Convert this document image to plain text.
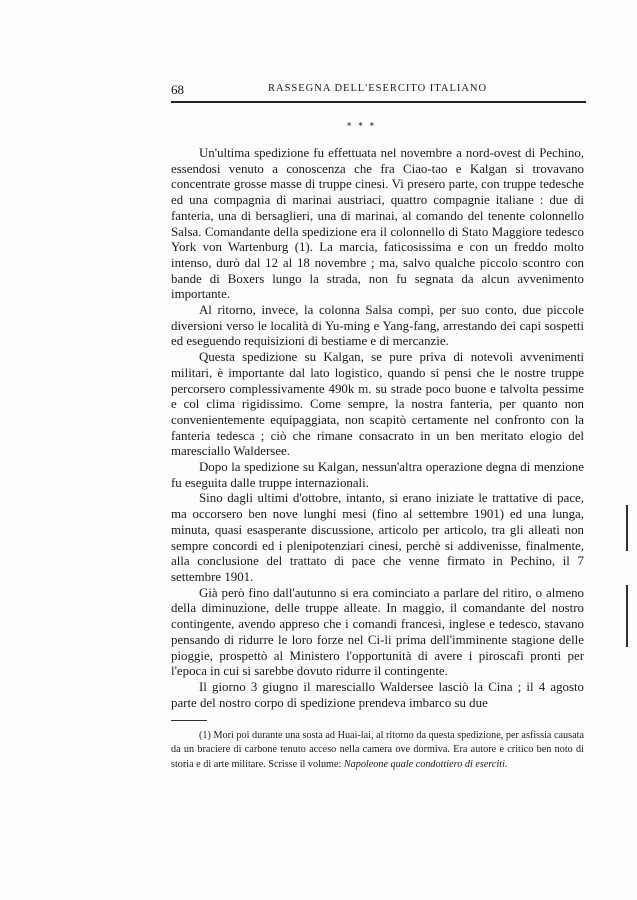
68	RASSEGNA DELL'ESERCITO ITALIANO
* * *

Un'ultima spedizione fu effettuata nel novembre a nord-ovest di Pechino, essendosi venuto a conoscenza che fra Ciao-tao e Kalgan si trovavano concentrate grosse masse di truppe cinesi. Vi presero parte, con truppe tedesche ed una compagnia di marinai austriaci, quattro compagnie italiane : due di fanteria, una di bersaglieri, una di marinai, al comando del tenente colonnello Salsa. Comandante della spedizione era il colonnello di Stato Maggiore tedesco York von Wartenburg (1). La marcia, faticosissima e con un freddo molto intenso, durò dal 12 al 18 novembre ; ma, salvo qualche piccolo scontro con bande di Boxers lungo la strada, non fu segnata da alcun avvenimento importante.

Al ritorno, invece, la colonna Salsa compì, per suo conto, due piccole diversioni verso le località di Yu-ming e Yang-fang, arrestando dei capi sospetti ed eseguendo requisizioni di bestiame e di mercanzie.

Questa spedizione su Kalgan, se pure priva di notevoli avvenimenti militari, è importante dal lato logistico, quando si pensi che le nostre truppe percorsero complessivamente 490k m. su strade poco buone e talvolta pessime e col clima rigidissimo. Come sempre, la nostra fanteria, per quanto non convenientemente equipaggiata, non scapitò certamente nel confronto con la fanteria tedesca ; ciò che rimane consacrato in un ben meritato elogio del maresciallo Waldersee.

Dopo la spedizione su Kalgan, nessun'altra operazione degna di menzione fu eseguita dalle truppe internazionali.

Sino dagli ultimi d'ottobre, intanto, si erano iniziate le trattative di pace, ma occorsero ben nove lunghi mesi (fino al settembre 1901) ed una lunga, minuta, quasi esasperante discussione, articolo per articolo, tra gli alleati non sempre concordi ed i plenipotenziari cinesi, perchè si addivenisse, finalmente, alla conclusione del trattato di pace che venne firmato in Pechino, il 7 settembre 1901.

Già però fino dall'autunno si era cominciato a parlare del ritiro, o almeno della diminuzione, delle truppe alleate. In maggio, il comandante del nostro contingente, avendo appreso che i comandi francesi, inglese e tedesco, stavano pensando di ridurre le loro forze nel Ci-li prima dell'imminente stagione delle pioggie, prospettò al Ministero l'opportunità di avere i piroscafi pronti per l'epoca in cui si sarebbe dovuto ridurre il contingente.

Il giorno 3 giugno il maresciallo Waldersee lasciò la Cina ; il 4 agosto parte del nostro corpo di spedizione prendeva imbarco su due

(1) Morì poi durante una sosta ad Huai-lai, al ritorno da questa spedizione, per asfissia causata da un braciere di carbone tenuto acceso nella camera ove dormiva. Era autore e critico ben noto di storia e di arte militare. Scrisse il volume: Napoleone quale condottiero di eserciti.
